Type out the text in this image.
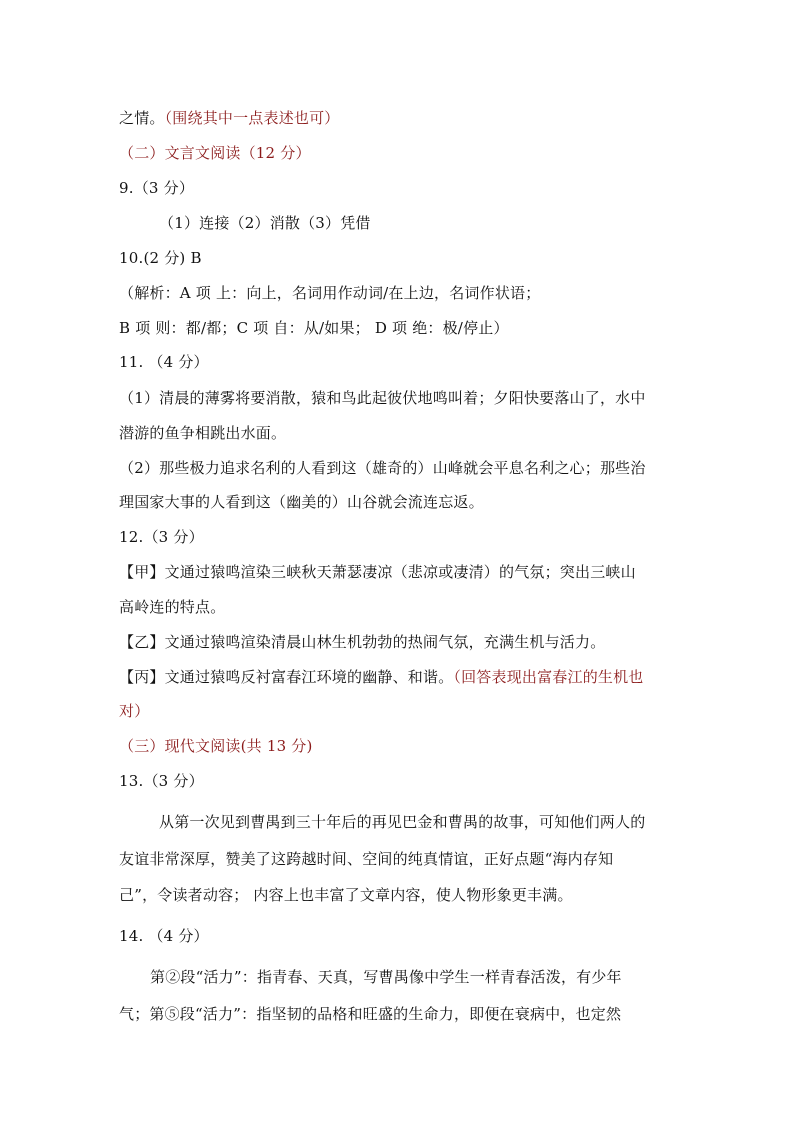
之情。（围绕其中一点表述也可）
（二）文言文阅读（12 分）
9.（3 分）
（1）连接（2）消散（3）凭借
10.(2 分) B
（解析：A 项 上：向上，名词用作动词/在上边，名词作状语；
B 项 则：都/都；C 项 自：从/如果； D 项 绝：极/停止）
11. （4 分）
（1）清晨的薄雾将要消散，猿和鸟此起彼伏地鸣叫着；夕阳快要落山了，水中
潜游的鱼争相跳出水面。
（2）那些极力追求名利的人看到这（雄奇的）山峰就会平息名利之心；那些治
理国家大事的人看到这（幽美的）山谷就会流连忘返。
12.（3 分）
【甲】文通过猿鸣渲染三峡秋天萧瑟凄凉（悲凉或凄清）的气氛；突出三峡山
高岭连的特点。
【乙】文通过猿鸣渲染清晨山林生机勃勃的热闹气氛，充满生机与活力。
【丙】文通过猿鸣反衬富春江环境的幽静、和谐。（回答表现出富春江的生机也
对）
（三）现代文阅读(共 13 分)
13.（3 分）
从第一次见到曹禺到三十年后的再见巴金和曹禺的故事，可知他们两人的
友谊非常深厚，赞美了这跨越时间、空间的纯真情谊，正好点题“海内存知
己”，令读者动容； 内容上也丰富了文章内容，使人物形象更丰满。
14. （4 分）
第②段“活力”：指青春、天真，写曹禺像中学生一样青春活泼，有少年
气；第⑤段“活力”：指坚韧的品格和旺盛的生命力，即便在衰病中，也定然
